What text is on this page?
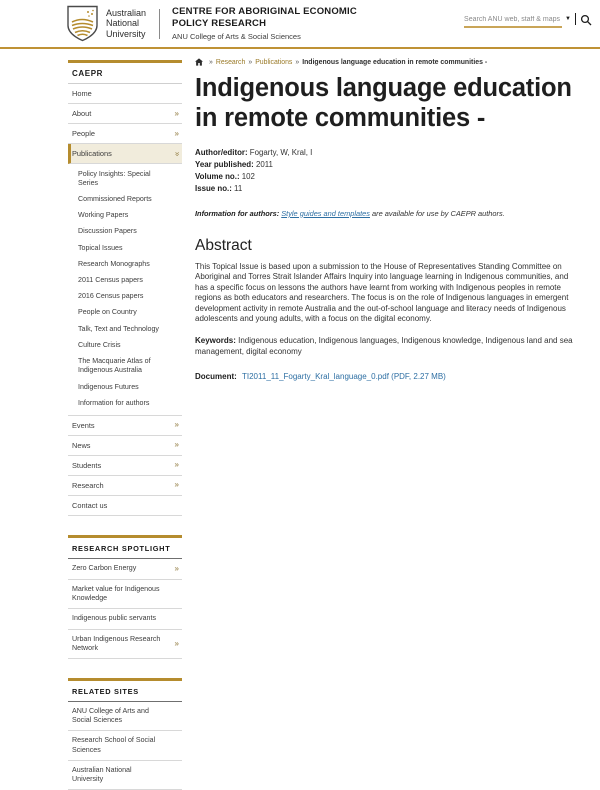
Australian
National
University
CENTRE FOR ABORIGINAL ECONOMIC
POLICY RESEARCH
ANU College of Arts & Social Sciences
Search ANU web, staff & maps
▼
CAEPR
Home
About	»
People	»
Publications	»
Policy Insights: Special Series
Commissioned Reports
Working Papers
Discussion Papers
Topical Issues
Research Monographs
2011 Census papers
2016 Census papers
People on Country
Talk, Text and Technology
Culture Crisis
The Macquarie Atlas of Indigenous Australia
Indigenous Futures
Information for authors
Events	»
News	»
Students	»
Research	»
Contact us
RESEARCH SPOTLIGHT
Zero Carbon Energy	»
Market value for Indigenous Knowledge
Indigenous public servants
Urban Indigenous Research Network
»
RELATED SITES
ANU College of Arts and Social Sciences
Research School of Social Sciences
Australian National University
» Research » Publications » Indigenous language education in remote communities -
Indigenous language education in remote communities -
Author/editor: Fogarty, W, Kral, I
Year published: 2011
Volume no.: 102
Issue no.: 11
Information for authors: Style guides and templates are available for use by CAEPR authors.
Abstract

This Topical Issue is based upon a submission to the House of Representatives Standing Committee on Aboriginal and Torres Strait Islander Affairs Inquiry into language learning in Indigenous communities, and has a specific focus on lessons the authors have learnt from working with Indigenous peoples in remote regions as both educators and researchers. The focus is on the role of Indigenous languages in emergent development activity in remote Australia and the out-of-school language and literacy needs of Indigenous adolescents and young adults, with a focus on the digital economy.

Keywords: Indigenous education, Indigenous languages, Indigenous knowledge, Indigenous land and sea management, digital economy

Document: TI2011_11_Fogarty_Kral_language_0.pdf (PDF, 2.27 MB)
